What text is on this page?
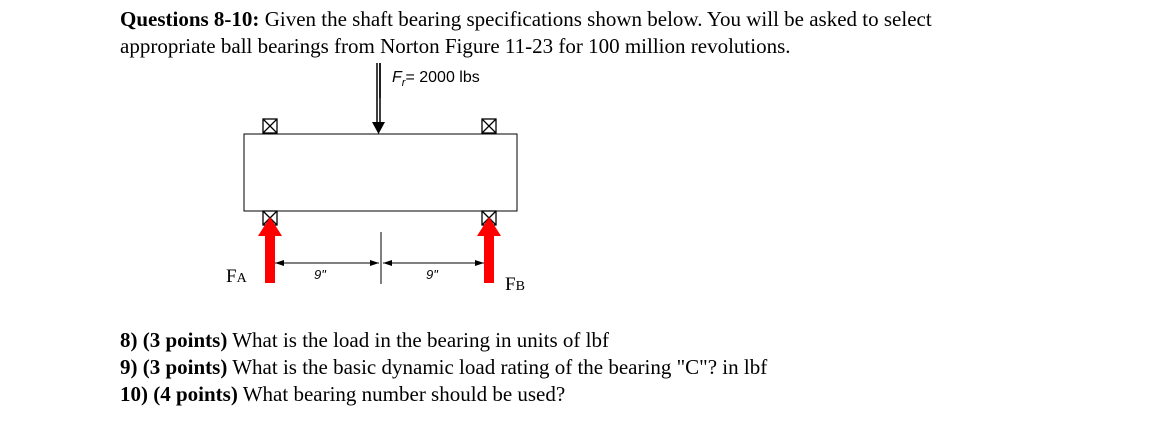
Questions 8-10: Given the shaft bearing specifications shown below. You will be asked to select
appropriate ball bearings from Norton Figure 11-23 for 100 million revolutions.
$F_r= 2000$ lbs
9"	9"
FA	FB
8) (3 points) What is the load in the bearing in units of lbf
9) (3 points) What is the basic dynamic load rating of the bearing "C"? in lbf
10) (4 points) What bearing number should be used?
